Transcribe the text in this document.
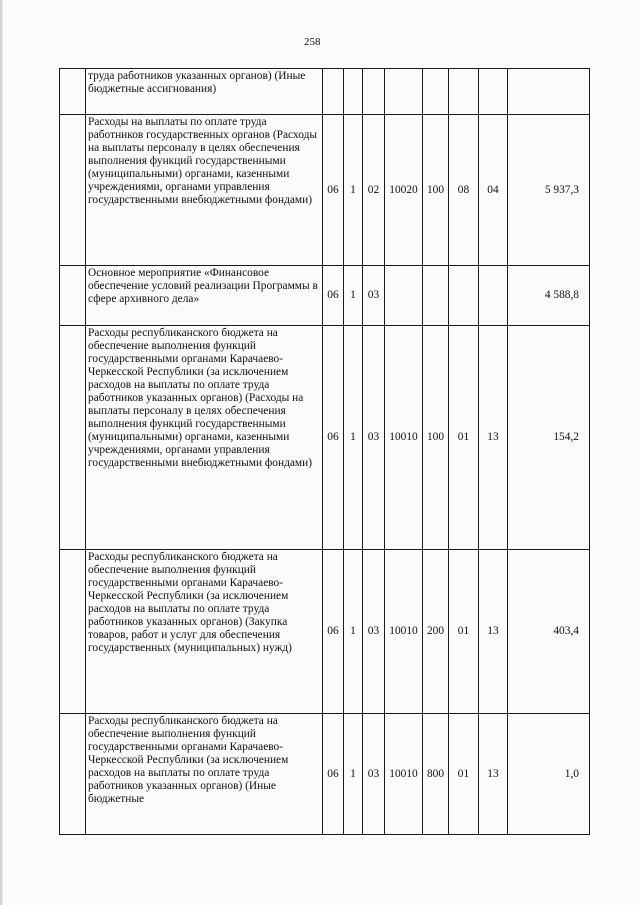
258
	труда работников указанных органов) (Иные бюджетные ассигнования)								
	Расходы на выплаты по оплате труда работников государственных органов (Расходы на выплаты персоналу в целях обеспечения выполнения функций государственными (муниципальными) органами, казенными учреждениями, органами управления государственными внебюджетными фондами)	06	1	02	10020	100	08	04	5 937,3
	Основное мероприятие «Финансовое обеспечение условий реализации Программы в сфере архивного дела»	06	1	03					4 588,8
	Расходы республиканского бюджета на обеспечение выполнения функций государственными органами Карачаево-Черкесской Республики (за исключением расходов на выплаты по оплате труда работников указанных органов) (Расходы на выплаты персоналу в целях обеспечения выполнения функций государственными (муниципальными) органами, казенными учреждениями, органами управления государственными внебюджетными фондами)	06	1	03	10010	100	01	13	154,2
	Расходы республиканского бюджета на обеспечение выполнения функций государственными органами Карачаево-Черкесской Республики (за исключением расходов на выплаты по оплате труда работников указанных органов) (Закупка товаров, работ и услуг для обеспечения государственных (муниципальных) нужд)	06	1	03	10010	200	01	13	403,4
	Расходы республиканского бюджета на обеспечение выполнения функций государственными органами Карачаево-Черкесской Республики (за исключением расходов на выплаты по оплате труда работников указанных органов) (Иные бюджетные	06	1	03	10010	800	01	13	1,0
